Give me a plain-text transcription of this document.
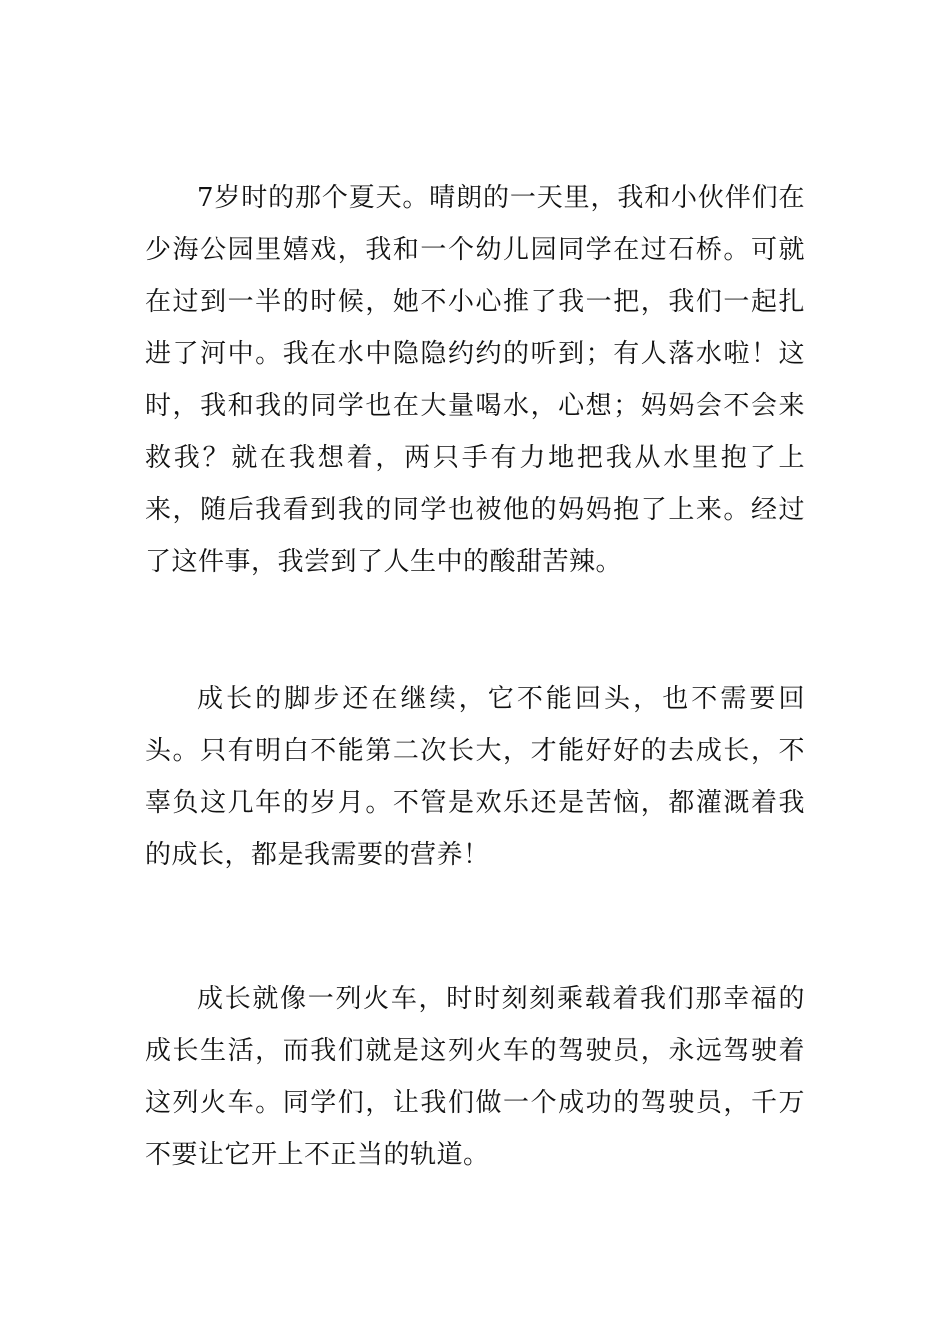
7岁时的那个夏天。晴朗的一天里，我和小伙伴们在少海公园里嬉戏，我和一个幼儿园同学在过石桥。可就在过到一半的时候，她不小心推了我一把，我们一起扎进了河中。我在水中隐隐约约的听到；有人落水啦！这时，我和我的同学也在大量喝水，心想；妈妈会不会来救我？就在我想着，两只手有力地把我从水里抱了上来，随后我看到我的同学也被他的妈妈抱了上来。经过了这件事，我尝到了人生中的酸甜苦辣。

成长的脚步还在继续，它不能回头，也不需要回头。只有明白不能第二次长大，才能好好的去成长，不辜负这几年的岁月。不管是欢乐还是苦恼，都灌溉着我的成长，都是我需要的营养！

成长就像一列火车，时时刻刻乘载着我们那幸福的成长生活，而我们就是这列火车的驾驶员，永远驾驶着这列火车。同学们，让我们做一个成功的驾驶员，千万不要让它开上不正当的轨道。
